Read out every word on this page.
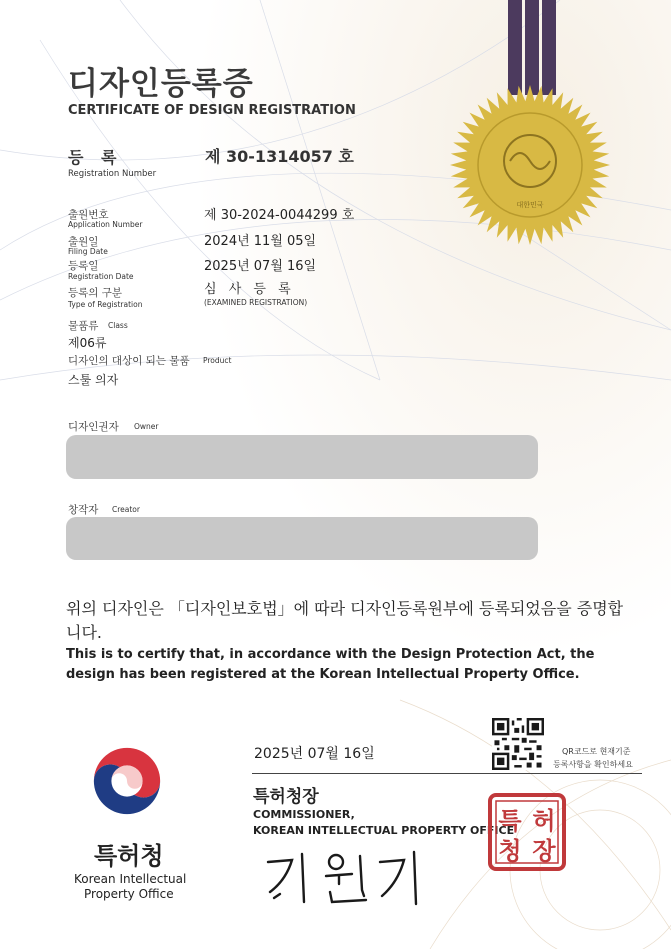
대한민국
디자인등록증
CERTIFICATE OF DESIGN REGISTRATION
등 록
Registration Number
제 30-1314057 호
출원번호
Application Number
제 30-2024-0044299 호
출원일
Filing Date
2024년 11월 05일
등록일
Registration Date
2025년 07월 16일
등록의 구분
Type of Registration
심 사 등 록
(EXAMINED REGISTRATION)
물품류 Class
제06류
디자인의 대상이 되는 물품 Product
스툴 의자
디자인권자 Owner
창작자 Creator
위의 디자인은 「디자인보호법」에 따라 디자인등록원부에 등록되었음을 증명합니다.
This is to certify that, in accordance with the Design Protection Act, the design has been registered at the Korean Intellectual Property Office.
QR코드로 현재기준
등록사항을 확인하세요
2025년 07월 16일
특허청장
COMMISSIONER,
KOREAN INTELLECTUAL PROPERTY OFFICE
특 허
청 장
특허청
Korean Intellectual
Property Office
